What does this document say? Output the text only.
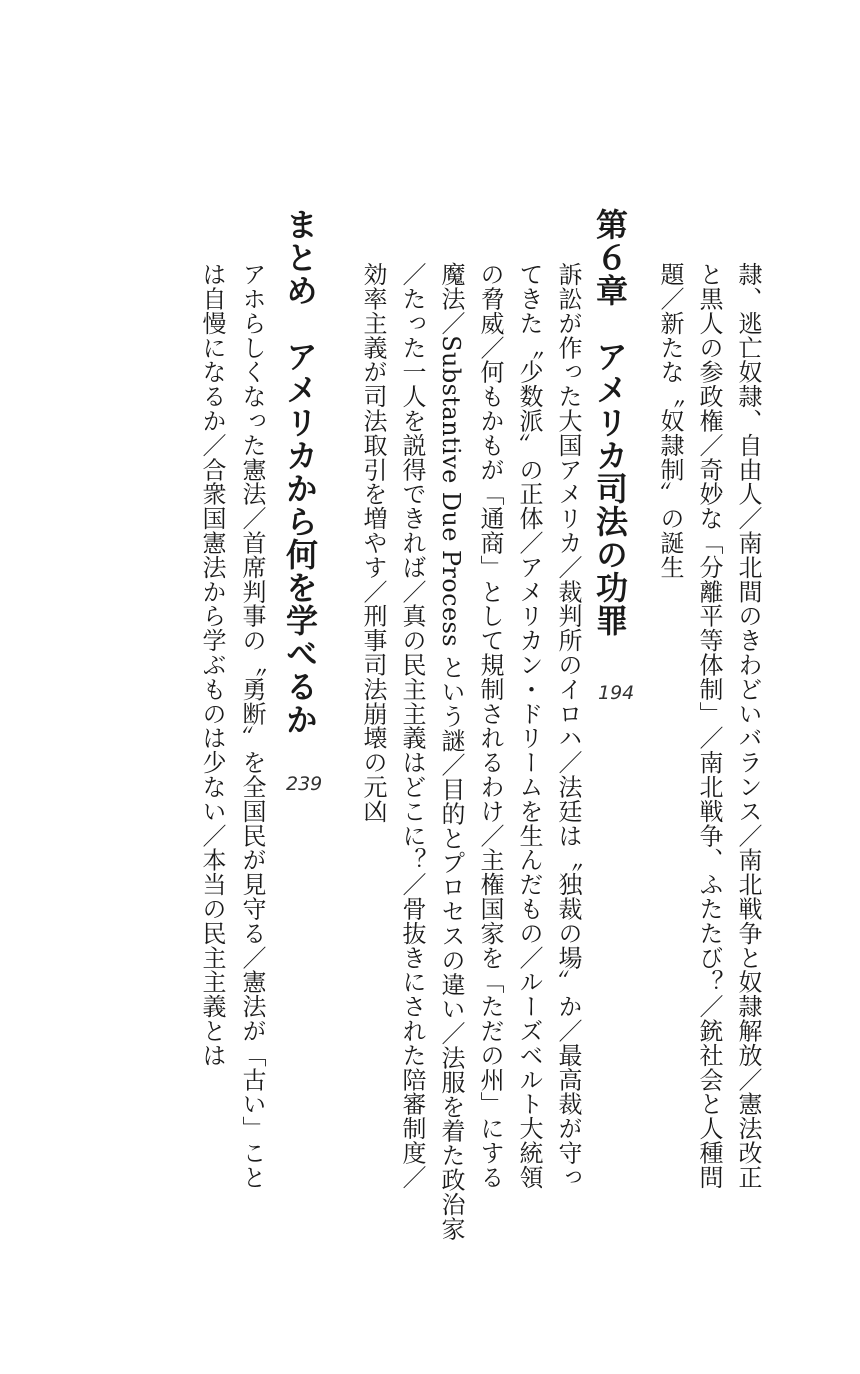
隷、逃亡奴隷、自由人／南北間のきわどいバランス／南北戦争と奴隷解放／憲法改正
と黒人の参政権／奇妙な「分離平等体制」／南北戦争、ふたたび？／銃社会と人種問
題／新たな〝奴隷制〟の誕生
第６章　アメリカ司法の功罪
194
訴訟が作った大国アメリカ／裁判所のイロハ／法廷は〝独裁の場〟か／最高裁が守っ
てきた〝少数派〟の正体／アメリカン・ドリームを生んだもの／ルーズベルト大統領
の脅威／何もかもが「通商」として規制されるわけ／主権国家を「ただの州」にする
魔法／Substantive Due Process という謎／目的とプロセスの違い／法服を着た政治家
／たった一人を説得できれば／真の民主主義はどこに？／骨抜きにされた陪審制度／
効率主義が司法取引を増やす／刑事司法崩壊の元凶
まとめ　アメリカから何を学べるか
239
アホらしくなった憲法／首席判事の〝勇断〟を全国民が見守る／憲法が「古い」こと
は自慢になるか／合衆国憲法から学ぶものは少ない／本当の民主主義とは
